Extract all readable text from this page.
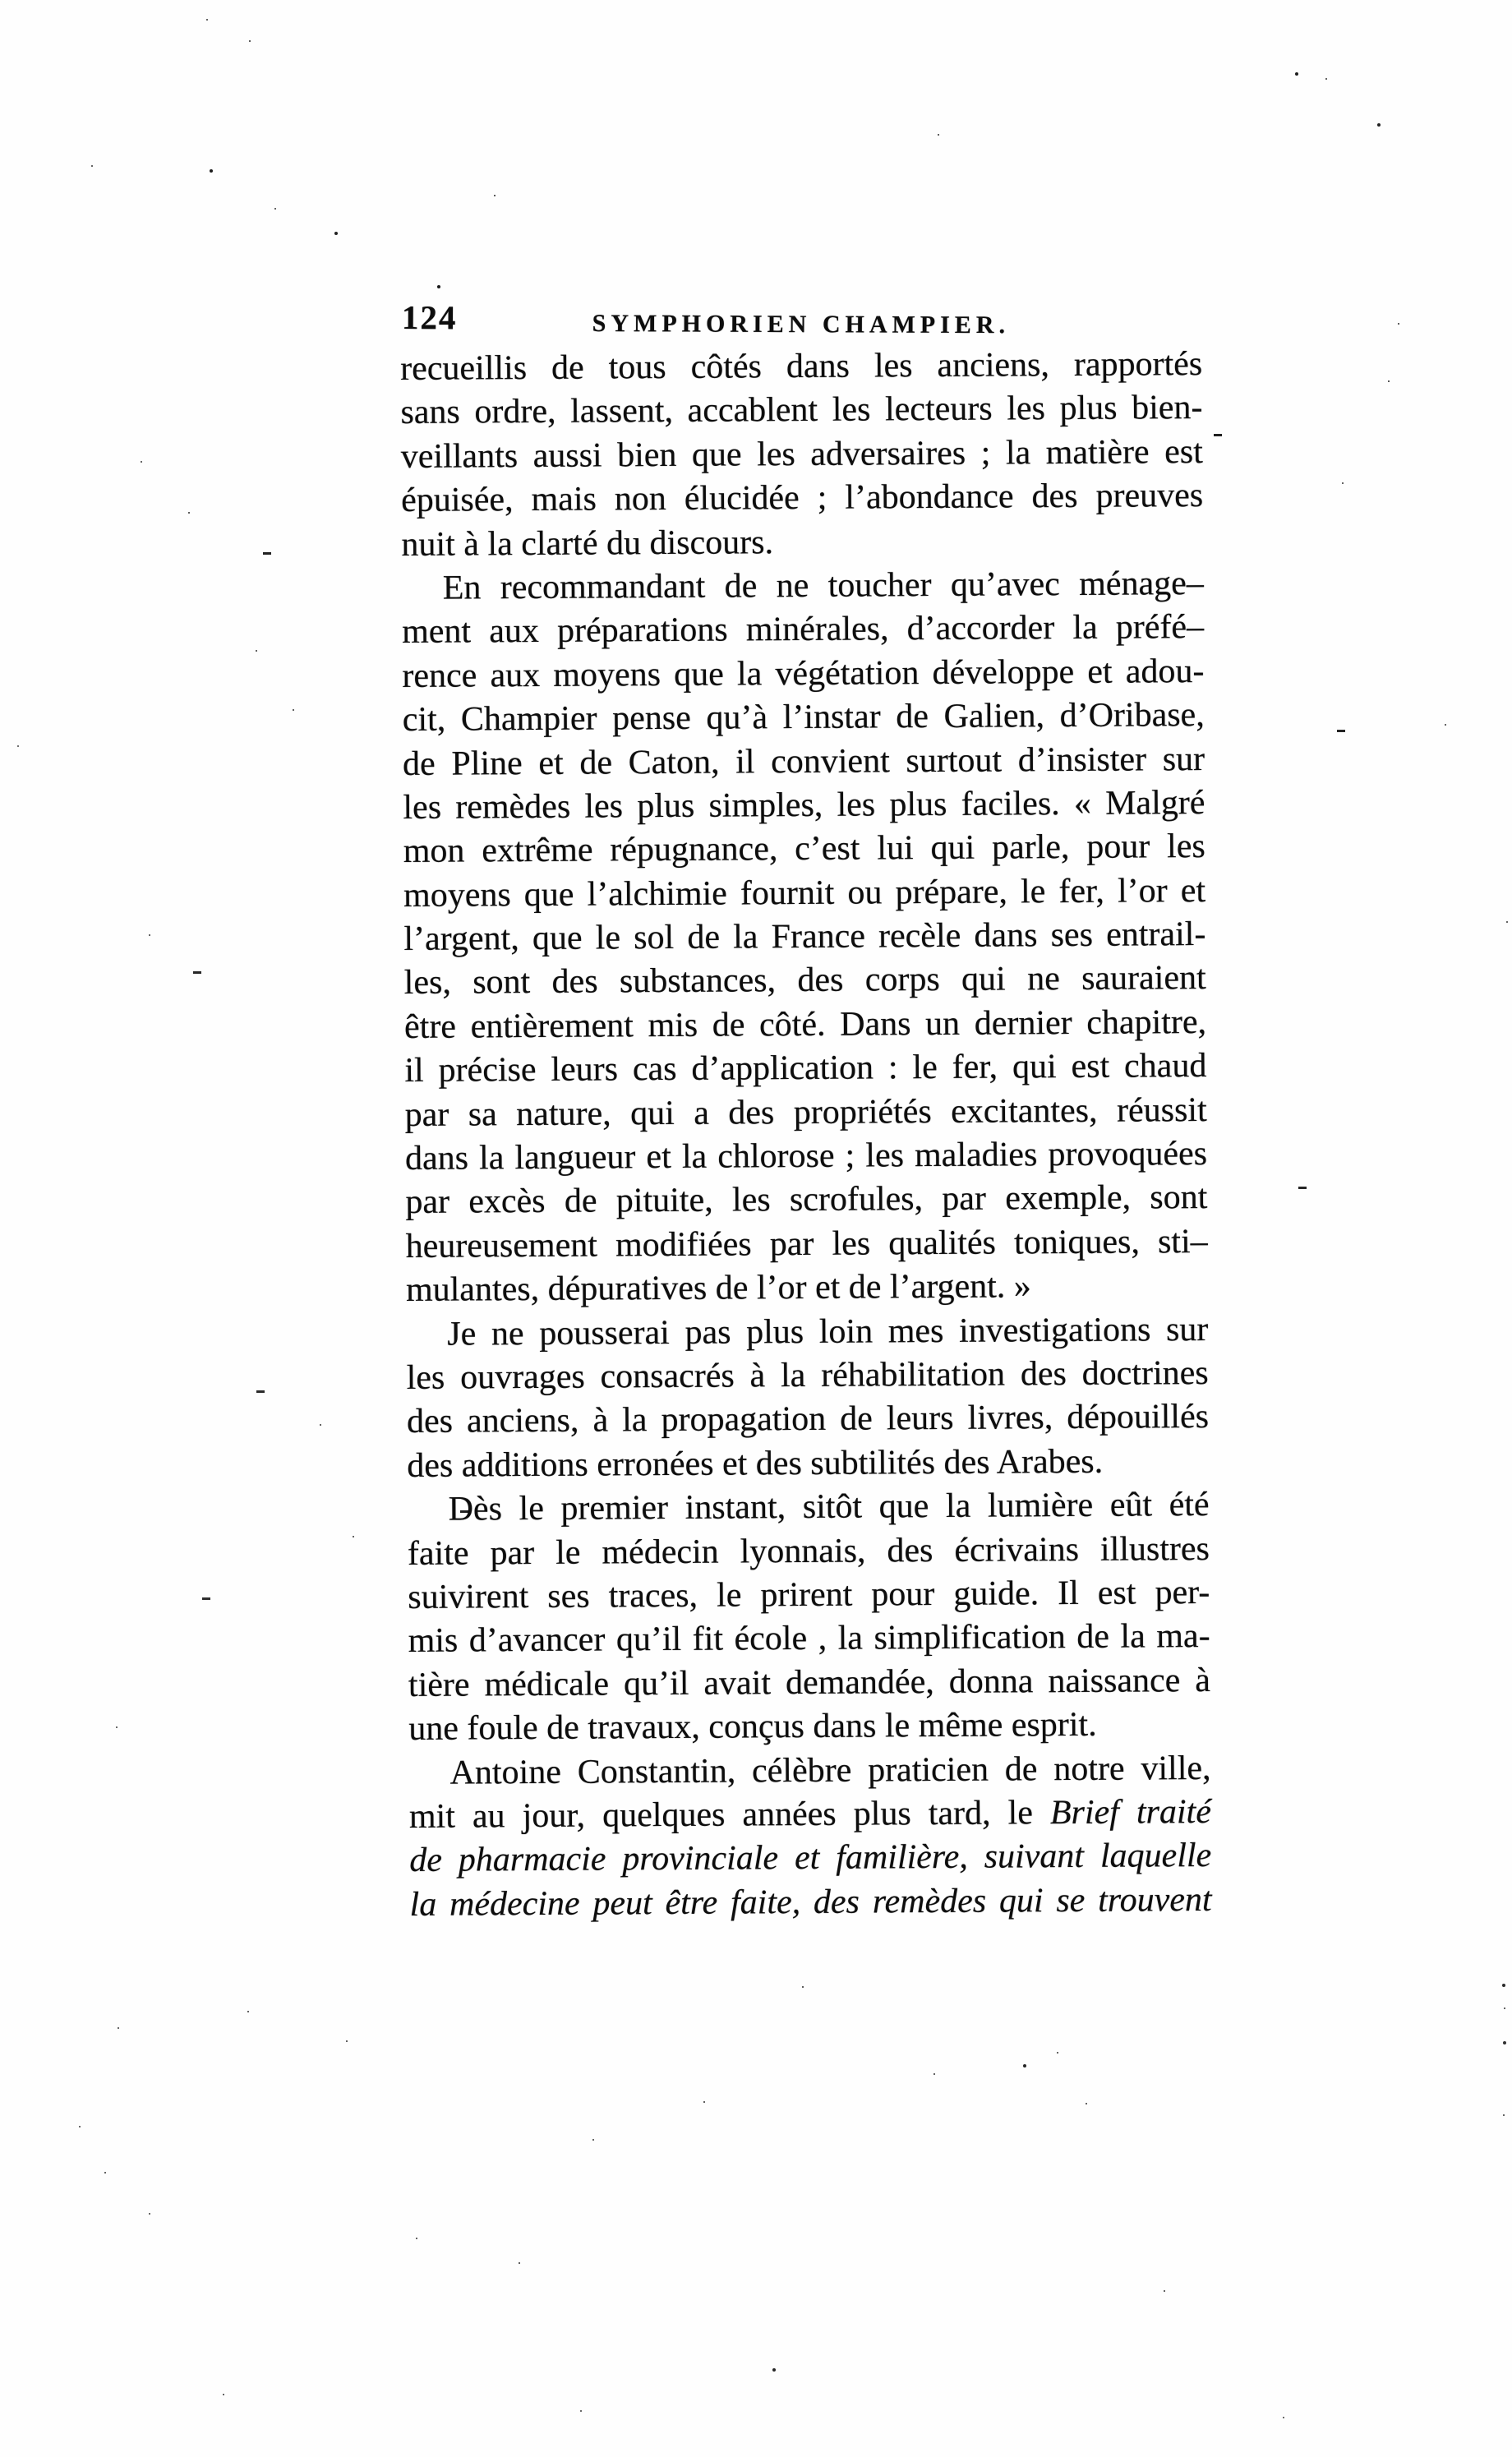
124	SYMPHORIEN CHAMPIER.
recueillis de tous côtés dans les anciens, rapportés
sans ordre, lassent, accablent les lecteurs les plus bien-
veillants aussi bien que les adversaires ; la matière est
épuisée, mais non élucidée ; l’abondance des preuves
nuit à la clarté du discours.
En recommandant de ne toucher qu’avec ménage–
ment aux préparations minérales, d’accorder la préfé–
rence aux moyens que la végétation développe et adou-
cit, Champier pense qu’à l’instar de Galien, d’Oribase,
de Pline et de Caton, il convient surtout d’insister sur
les remèdes les plus simples, les plus faciles. « Malgré
mon extrême répugnance, c’est lui qui parle, pour les
moyens que l’alchimie fournit ou prépare, le fer, l’or et
l’argent, que le sol de la France recèle dans ses entrail-
les, sont des substances, des corps qui ne sauraient
être entièrement mis de côté. Dans un dernier chapitre,
il précise leurs cas d’application : le fer, qui est chaud
par sa nature, qui a des propriétés excitantes, réussit
dans la langueur et la chlorose ; les maladies provoquées
par excès de pituite, les scrofules, par exemple, sont
heureusement modifiées par les qualités toniques, sti–
mulantes, dépuratives de l’or et de l’argent. »
Je ne pousserai pas plus loin mes investigations sur
les ouvrages consacrés à la réhabilitation des doctrines
des anciens, à la propagation de leurs livres, dépouillés
des additions erronées et des subtilités des Arabes.
Dès le premier instant, sitôt que la lumière eût été
faite par le médecin lyonnais, des écrivains illustres
suivirent ses traces, le prirent pour guide. Il est per-
mis d’avancer qu’il fit école , la simplification de la ma-
tière médicale qu’il avait demandée, donna naissance à
une foule de travaux, conçus dans le même esprit.
Antoine Constantin, célèbre praticien de notre ville,
mit au jour, quelques années plus tard, le Brief traité
de pharmacie provinciale et familière, suivant laquelle
la médecine peut être faite, des remèdes qui se trouvent
